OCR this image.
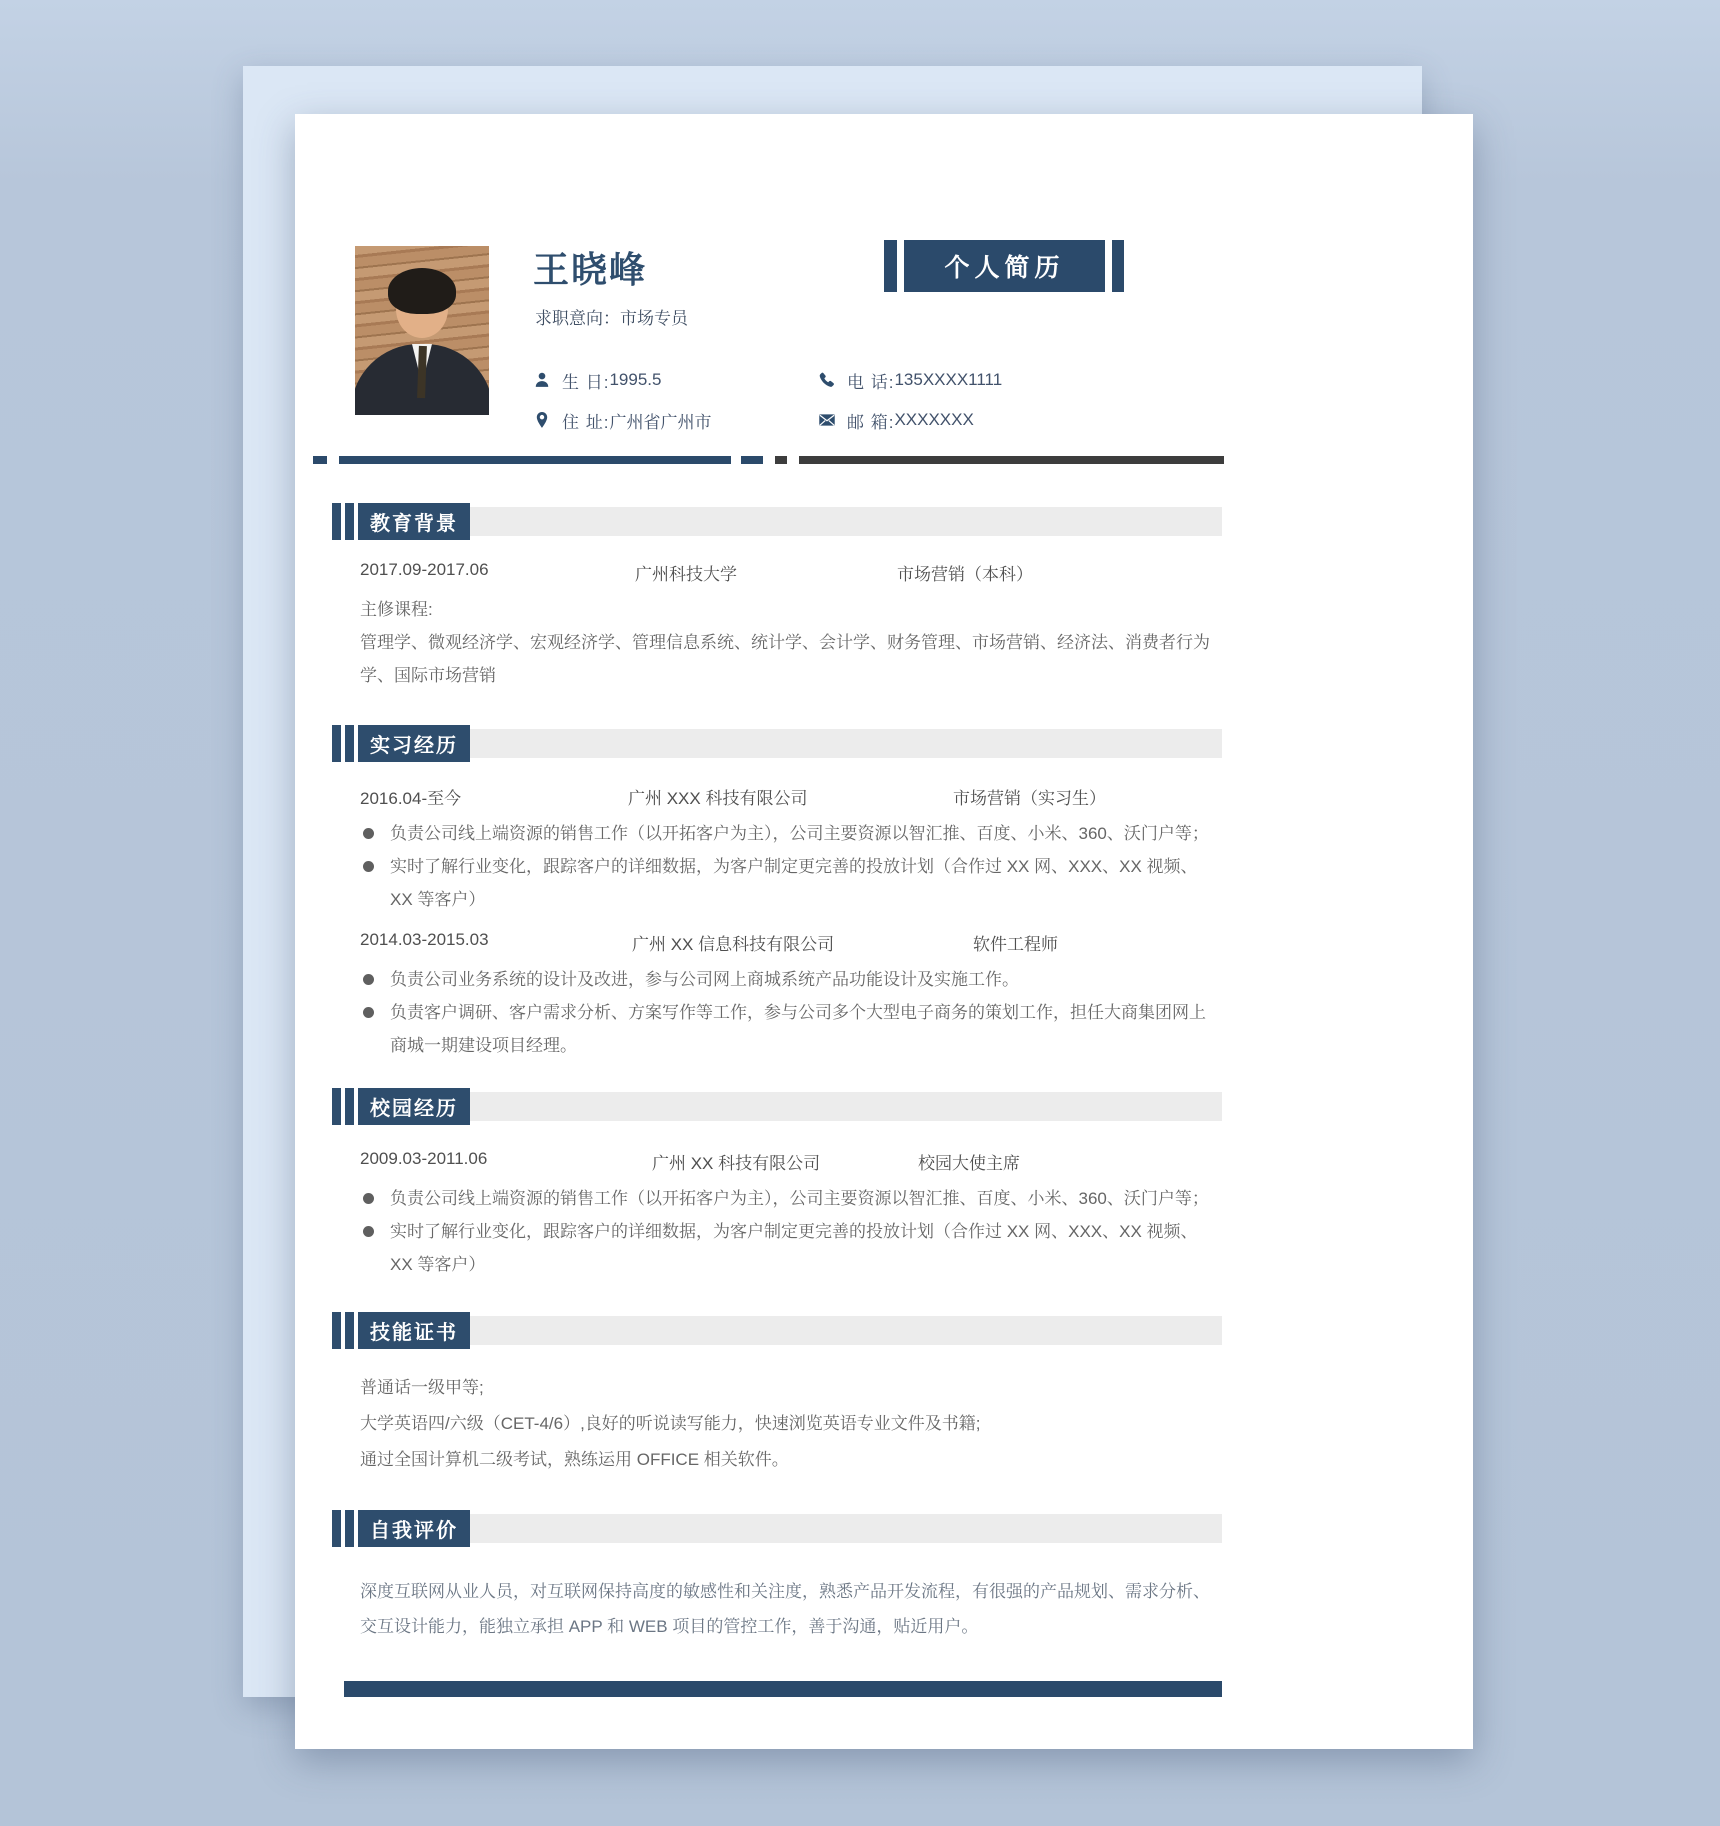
王晓峰
求职意向：市场专员
个人简历
生 日: 1995.5	电 话: 135XXXX1111
住 址: 广州省广州市	邮 箱: XXXXXXX
教育背景
实习经历
校园经历
技能证书
自我评价
2017.09-2017.06	广州科技大学	市场营销（本科）
主修课程:
管理学、微观经济学、宏观经济学、管理信息系统、统计学、会计学、财务管理、市场营销、经济法、消费者行为学、国际市场营销
2016.04-至今	广州 XXX 科技有限公司	市场营销（实习生）
负责公司线上端资源的销售工作（以开拓客户为主），公司主要资源以智汇推、百度、小米、360、沃门户等；
实时了解行业变化，跟踪客户的详细数据，为客户制定更完善的投放计划（合作过 XX 网、XXX、XX 视频、XX 等客户）
2014.03-2015.03	广州 XX 信息科技有限公司	软件工程师
负责公司业务系统的设计及改进，参与公司网上商城系统产品功能设计及实施工作。
负责客户调研、客户需求分析、方案写作等工作，参与公司多个大型电子商务的策划工作，担任大商集团网上商城一期建设项目经理。
2009.03-2011.06	广州 XX 科技有限公司	校园大使主席
负责公司线上端资源的销售工作（以开拓客户为主），公司主要资源以智汇推、百度、小米、360、沃门户等；
实时了解行业变化，跟踪客户的详细数据，为客户制定更完善的投放计划（合作过 XX 网、XXX、XX 视频、XX 等客户）
普通话一级甲等;
大学英语四/六级（CET-4/6）,良好的听说读写能力，快速浏览英语专业文件及书籍;
通过全国计算机二级考试，熟练运用 OFFICE 相关软件。
深度互联网从业人员，对互联网保持高度的敏感性和关注度，熟悉产品开发流程，有很强的产品规划、需求分析、交互设计能力，能独立承担 APP 和 WEB 项目的管控工作，善于沟通，贴近用户。
